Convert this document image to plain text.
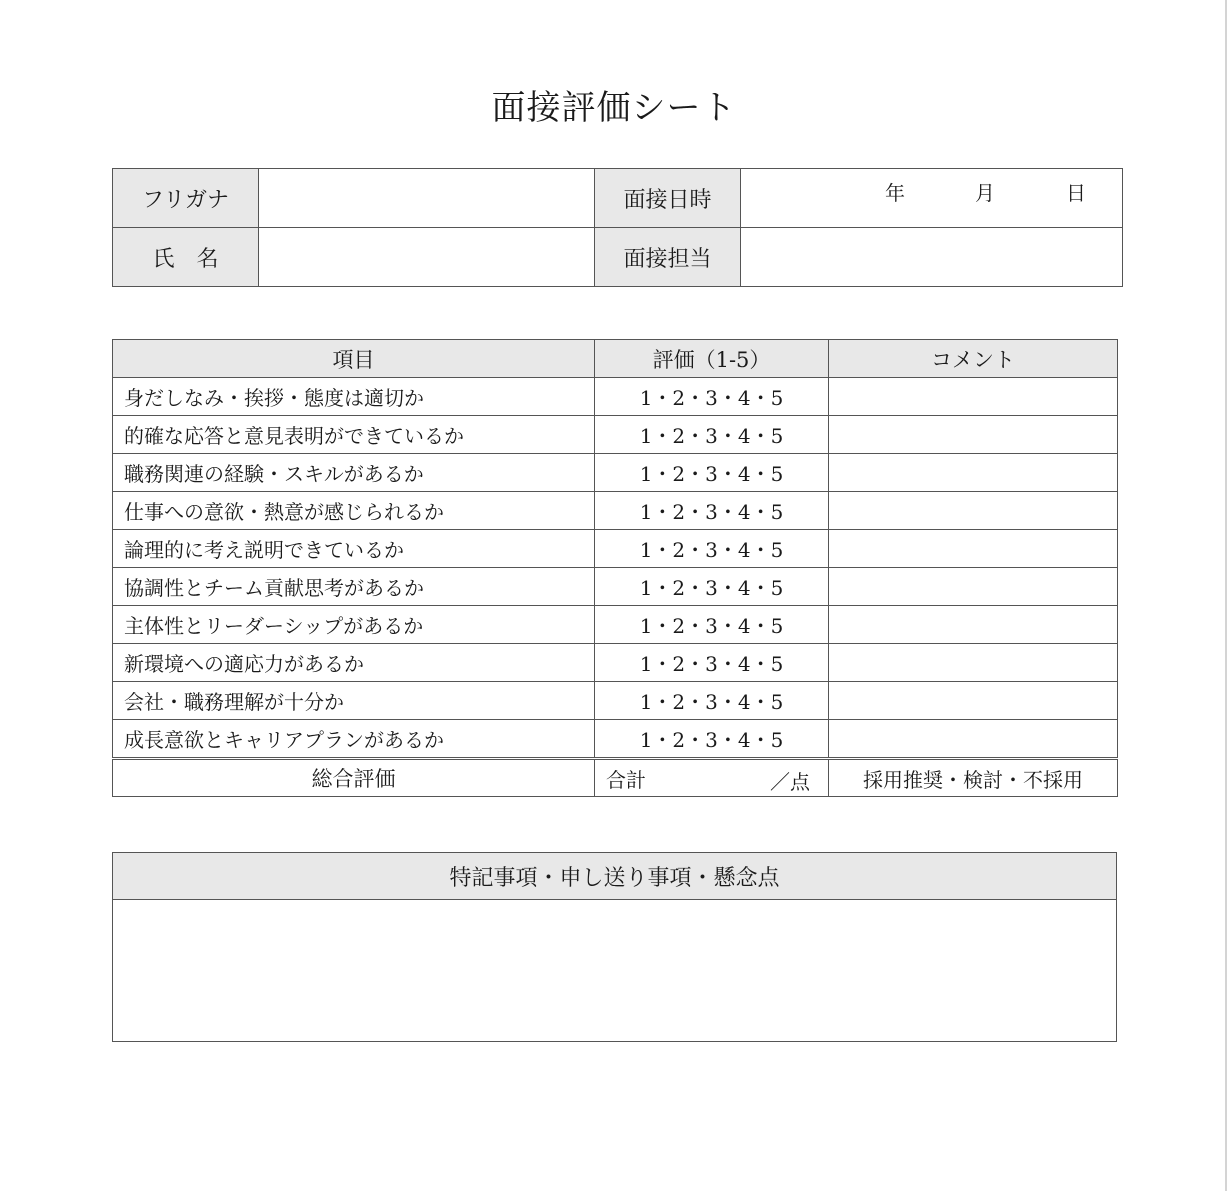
面接評価シート
フリガナ		面接日時	年 月 日

氏　名		面接担当	
項目	評価（1-5）	コメント
身だしなみ・挨拶・態度は適切か	1・2・3・4・5	
的確な応答と意見表明ができているか	1・2・3・4・5	
職務関連の経験・スキルがあるか	1・2・3・4・5	
仕事への意欲・熱意が感じられるか	1・2・3・4・5	
論理的に考え説明できているか	1・2・3・4・5	
協調性とチーム貢献思考があるか	1・2・3・4・5	
主体性とリーダーシップがあるか	1・2・3・4・5	
新環境への適応力があるか	1・2・3・4・5	
会社・職務理解が十分か	1・2・3・4・5	
成長意欲とキャリアプランがあるか	1・2・3・4・5	
総合評価	合計 ／点	採用推奨・検討・不採用
特記事項・申し送り事項・懸念点
